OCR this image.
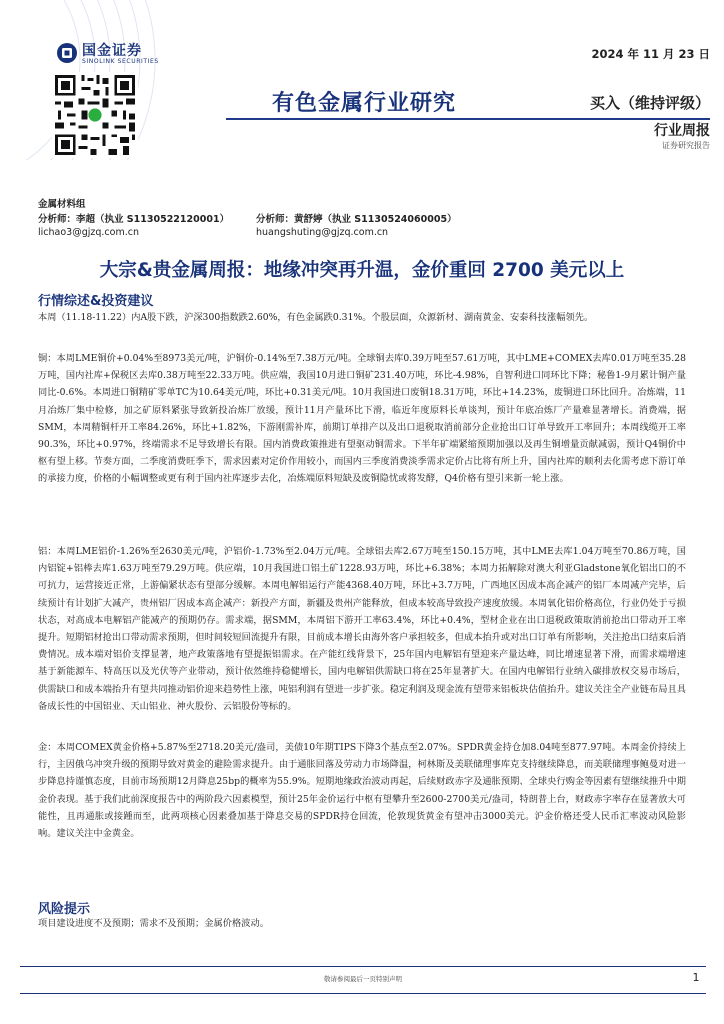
国金证券
SINOLINK SECURITIES
2024 年 11 月 23 日
有色金属行业研究	买入（维持评级）
行业周报
证券研究报告
金属材料组
分析师：李超（执业 S1130522120001）
lichao3@gjzq.com.cn
分析师：黄舒婷（执业 S1130524060005）
huangshuting@gjzq.com.cn
大宗&贵金属周报：地缘冲突再升温，金价重回 2700 美元以上
行情综述&投资建议

本周（11.18-11.22）内A股下跌，沪深300指数跌2.60%，有色金属跌0.31%。个股层面，众源新材、湖南黄金、安泰科技涨幅领先。

铜：本周LME铜价+0.04%至8973美元/吨，沪铜价-0.14%至7.38万元/吨。全球铜去库0.39万吨至57.61万吨，其中LME+COMEX去库0.01万吨至35.28万吨，国内社库+保税区去库0.38万吨至22.33万吨。供应端，我国10月进口铜矿231.40万吨，环比-4.98%，自智利进口同环比下降；秘鲁1-9月累计铜产量同比-0.6%。本周进口铜精矿零单TC为10.64美元/吨，环比+0.31美元/吨。10月我国进口废铜18.31万吨，环比+14.23%，废铜进口环比回升。冶炼端，11月冶炼厂集中检修，加之矿原料紧张导致新投冶炼厂放缓，预计11月产量环比下滑，临近年度原料长单谈判，预计年底冶炼厂产量难显著增长。消费端，据SMM，本周精铜杆开工率84.26%，环比+1.82%，下游刚需补库，前期订单排产以及出口退税取消前部分企业抢出口订单导致开工率回升；本周线缆开工率90.3%，环比+0.97%，终端需求不足导致增长有限。国内消费政策推进有望驱动铜需求。下半年矿端紧缩预期加强以及再生铜增量贡献减弱，预计Q4铜价中枢有望上移。节奏方面，二季度消费旺季下，需求因素对定价作用较小，而国内三季度消费淡季需求定价占比将有所上升，国内社库的顺利去化需考虑下游订单的承接力度，价格的小幅调整或更有利于国内社库逐步去化，冶炼端原料短缺及废铜隐忧或将发酵，Q4价格有望引来新一轮上涨。

铝：本周LME铝价-1.26%至2630美元/吨，沪铝价-1.73%至2.04万元/吨。全球铝去库2.67万吨至150.15万吨，其中LME去库1.04万吨至70.86万吨，国内铝锭+铝棒去库1.63万吨至79.29万吨。供应端，10月我国进口铝土矿1228.93万吨，环比+6.38%；本周力拓解除对澳大利亚Gladstone氧化铝出口的不可抗力，运营接近正常，上游偏紧状态有望部分缓解。本周电解铝运行产能4368.40万吨，环比+3.7万吨，广西地区因成本高企减产的铝厂本周减产完毕，后续预计有计划扩大减产，贵州铝厂因成本高企减产：新投产方面，新疆及贵州产能释放，但成本较高导致投产速度放缓。本周氧化铝价格高位，行业仍处于亏损状态，对高成本电解铝产能减产的预期仍存。需求端，据SMM，本周铝下游开工率63.4%，环比+0.4%，型材企业在出口退税政策取消前抢出口带动开工率提升。短期铝材抢出口带动需求预期，但时间较短回流提升有限，目前成本增长由海外客户承担较多，但成本抬升或对出口订单有所影响，关注抢出口结束后消费情况。成本端对铝价支撑显著，地产政策落地有望提振铝需求。在产能红线背景下，25年国内电解铝有望迎来产量达峰，同比增速显著下滑，而需求端增速基于新能源车、特高压以及光伏等产业带动，预计依然维持稳健增长，国内电解铝供需缺口将在25年显著扩大。在国内电解铝行业纳入碳排放权交易市场后，供需缺口和成本端抬升有望共同推动铝价迎来趋势性上涨，吨铝利润有望进一步扩张。稳定利润及现金流有望带来铝板块估值抬升。建议关注全产业链布局且具备成长性的中国铝业、天山铝业、神火股份、云铝股份等标的。

金：本周COMEX黄金价格+5.87%至2718.20美元/盎司，美债10年期TIPS下降3个基点至2.07%。SPDR黄金持仓加8.04吨至877.97吨。本周金价持续上行，主因俄乌冲突升级的预期导致对黄金的避险需求提升。由于通胀回落及劳动力市场降温，柯林斯及美联储理事库克支持继续降息，而美联储理事鲍曼对进一步降息持谨慎态度，目前市场预期12月降息25bp的概率为55.9%。短期地缘政治波动再起，后续财政赤字及通胀预期、全球央行购金等因素有望继续推升中期金价表现。基于我们此前深度报告中的两阶段六因素模型，预计25年金价运行中枢有望攀升至2600-2700美元/盎司，特朗普上台，财政赤字率存在显著放大可能性，且再通胀或接踵而至，此两项核心因素叠加基于降息交易的SPDR持仓回流，伦敦现货黄金有望冲击3000美元。沪金价格还受人民币汇率波动风险影响。建议关注中金黄金。

风险提示

项目建设进度不及预期；需求不及预期；金属价格波动。

敬请参阅最后一页特别声明	1
